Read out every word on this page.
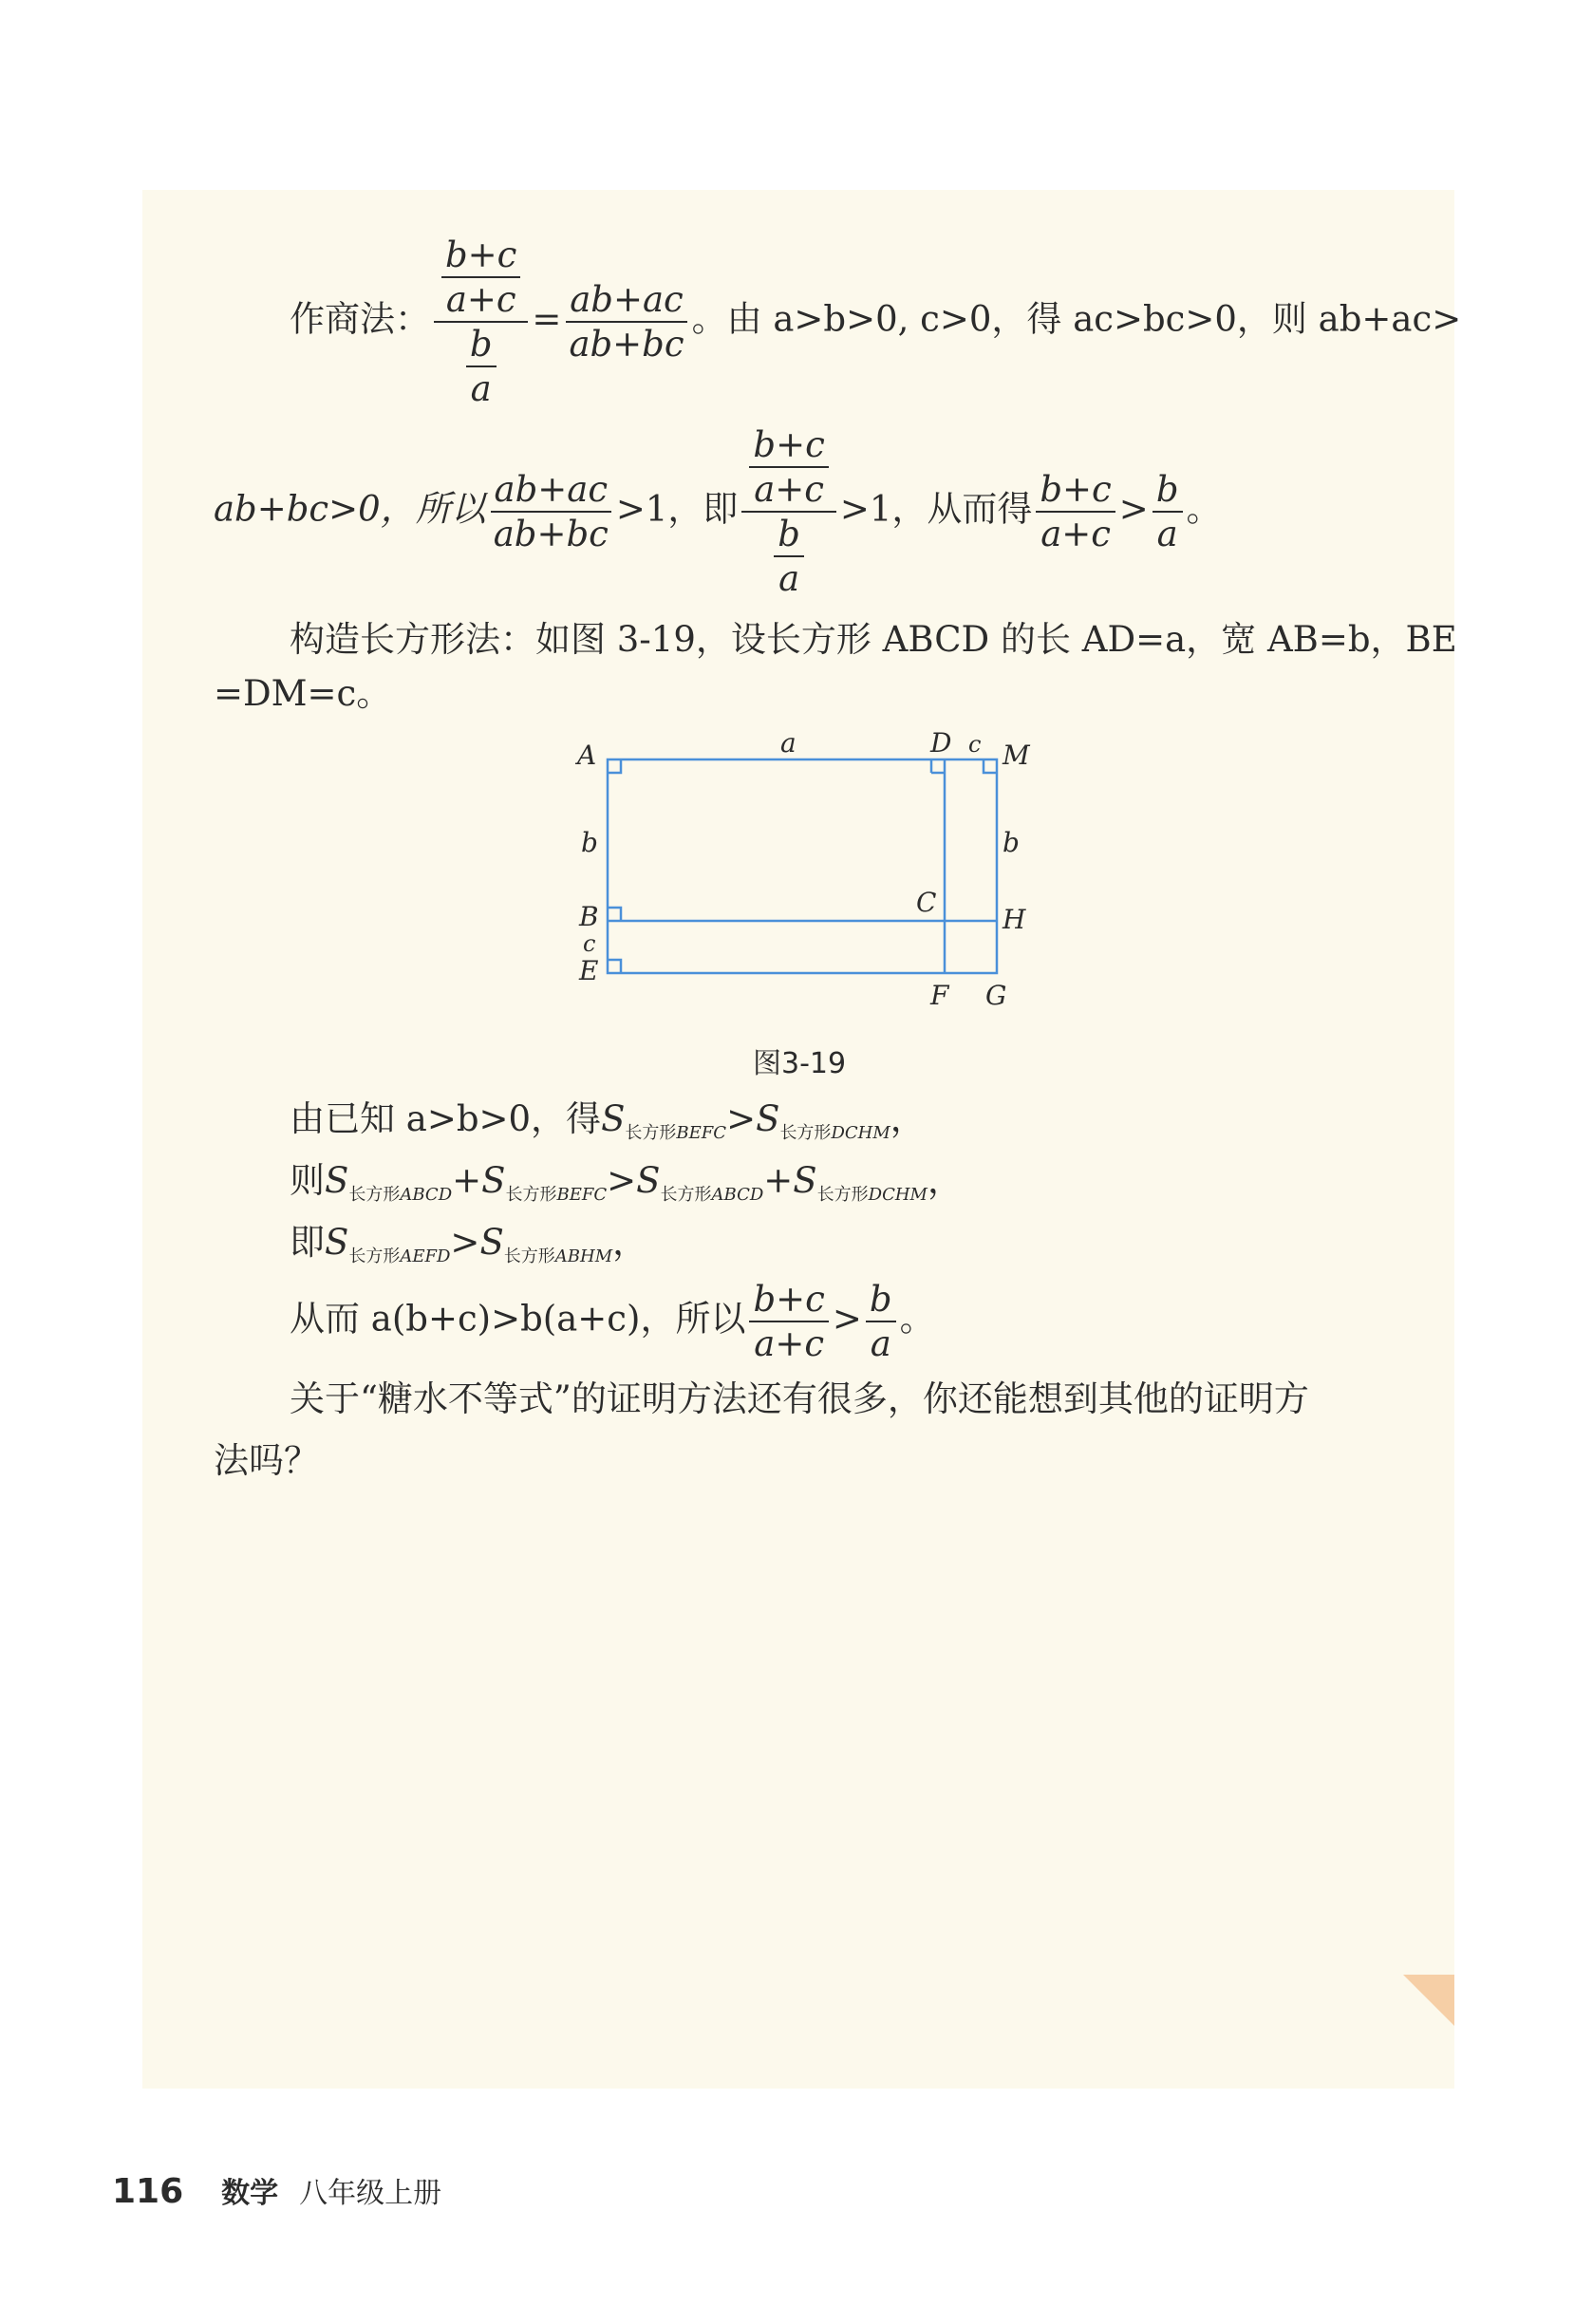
作商法： $\frac{\frac{b+c}{a+c}}{\frac{b}{a}} = \frac{ab+ac}{ab+bc}$ 。由 a>b>0, c>0，得 ac>bc>0，则 ab+ac>
ab+bc>0，所以 $\frac{ab+ac}{ab+bc} >1$，即 $\frac{\frac{b+c}{a+c}}{\frac{b}{a}} >1$，从而得 $\frac{b+c}{a+c} > \frac{b}{a}$ 。
构造长方形法：如图 3-19，设长方形 ABCD 的长 AD=a，宽 AB=b，BE
=DM=c。
A	D c M
a
b	b
C
B	H
c
E
F G
图3-19
由已知 a>b>0，得$S_{长方形BEFC}>S_{长方形DCHM}$，
则$S_{长方形ABCD}+S_{长方形BEFC}>S_{长方形ABCD}+S_{长方形DCHM}$，
即$S_{长方形AEFD}>S_{长方形ABHM}$，
从而 a(b+c)>b(a+c)，所以 $\frac{b+c}{a+c} > \frac{b}{a}$ 。
关于“糖水不等式”的证明方法还有很多，你还能想到其他的证明方
法吗？
116 数学 八年级上册
